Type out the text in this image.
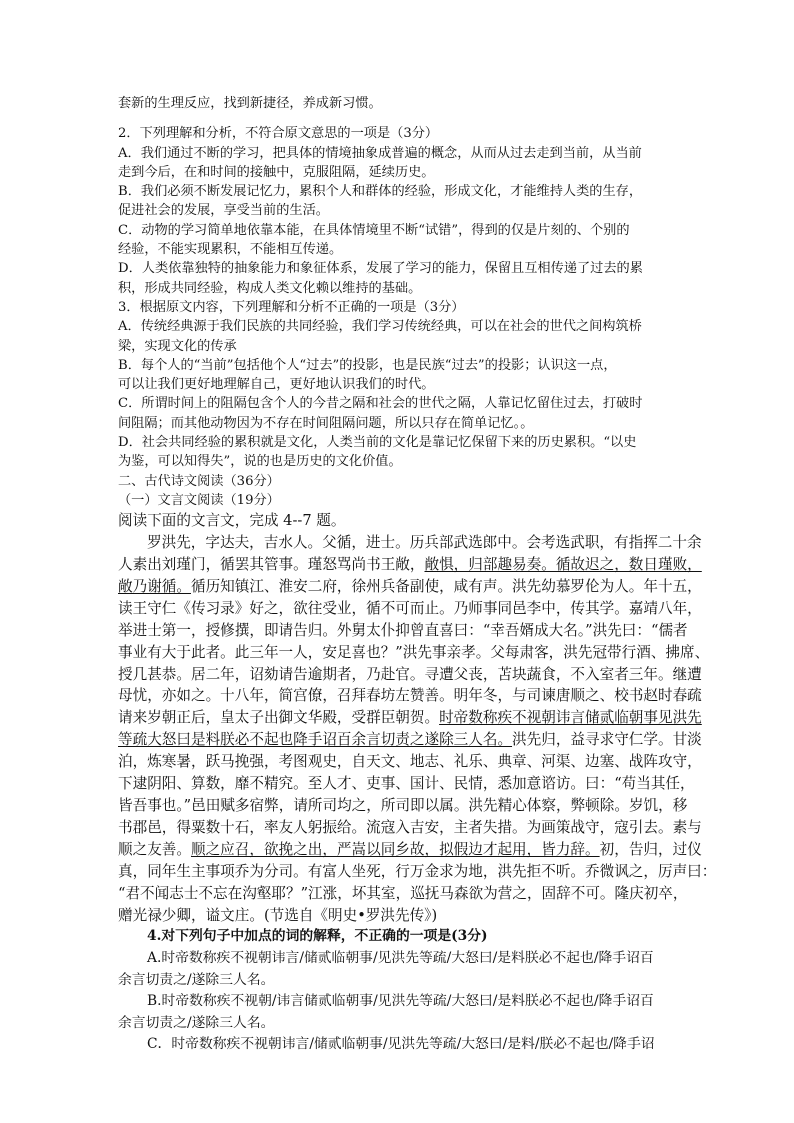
套新的生理反应，找到新捷径，养成新习惯。

2．下列理解和分析，不符合原文意思的一项是（3分）

A．我们通过不断的学习，把具体的情境抽象成普遍的概念，从而从过去走到当前，从当前

走到今后，在和时间的接触中，克服阻隔，延续历史。

B．我们必须不断发展记忆力，累积个人和群体的经验，形成文化，才能维持人类的生存，

促进社会的发展，享受当前的生活。

C．动物的学习简单地依靠本能，在具体情境里不断“试错”，得到的仅是片刻的、个别的

经验，不能实现累积，不能相互传递。

D．人类依靠独特的抽象能力和象征体系，发展了学习的能力，保留且互相传递了过去的累

积，形成共同经验，构成人类文化赖以维持的基础。

3．根据原文内容，下列理解和分析不正确的一项是（3分）

A．传统经典源于我们民族的共同经验，我们学习传统经典，可以在社会的世代之间构筑桥

梁，实现文化的传承

B．每个人的“当前”包括他个人“过去”的投影，也是民族“过去”的投影；认识这一点，

可以让我们更好地理解自己，更好地认识我们的时代。

C．所谓时间上的阻隔包含个人的今昔之隔和社会的世代之隔，人靠记忆留住过去，打破时

间阻隔；而其他动物因为不存在时间阻隔问题，所以只存在简单记忆。。

D．社会共同经验的累积就是文化，人类当前的文化是靠记忆保留下来的历史累积。“以史

为鉴，可以知得失”，说的也是历史的文化价值。

二、古代诗文阅读（36分）

（一）文言文阅读（19分）

阅读下面的文言文，完成 4--7 题。

罗洪先，字达夫，吉水人。父循，进士。历兵部武选郎中。会考选武职，有指挥二十余

人素出刘瑾门，循罢其管事。瑾怒骂尚书王敞，敞惧，归部趣易奏。循故迟之，数日瑾败，

敞乃谢循。循历知镇江、淮安二府，徐州兵备副使，咸有声。洪先幼慕罗伦为人。年十五，

读王守仁《传习录》好之，欲往受业，循不可而止。乃师事同邑李中，传其学。嘉靖八年，

举进士第一，授修撰，即请告归。外舅太仆抑曾直喜曰：“幸吾婿成大名。”洪先曰：“儒者

事业有大于此者。此三年一人，安足喜也？”洪先事亲孝。父每肃客，洪先冠带行酒、拂席、

授几甚恭。居二年，诏劾请告逾期者，乃赴官。寻遭父丧，苫块蔬食，不入室者三年。继遭

母忧，亦如之。十八年，简宫僚，召拜春坊左赞善。明年冬，与司谏唐顺之、校书赵时春疏

请来岁朝正后，皇太子出御文华殿，受群臣朝贺。时帝数称疾不视朝讳言储贰临朝事见洪先

等疏大怒曰是料朕必不起也降手诏百余言切责之遂除三人名。洪先归，益寻求守仁学。甘淡

泊，炼寒暑，跃马挽强，考图观史，自天文、地志、礼乐、典章、河渠、边塞、战阵攻守，

下逮阴阳、算数，靡不精究。至人才、吏事、国计、民情，悉加意谘访。曰：“苟当其任，

皆吾事也。”邑田赋多宿弊，请所司均之，所司即以属。洪先精心体察，弊顿除。岁饥，移

书郡邑，得粟数十石，率友人躬振给。流寇入吉安，主者失措。为画策战守，寇引去。素与

顺之友善。顺之应召，欲挽之出，严嵩以同乡故，拟假边才起用，皆力辞。初，告归，过仪

真，同年生主事项乔为分司。有富人坐死，行万金求为地，洪先拒不听。乔微讽之，厉声曰：

“君不闻志士不忘在沟壑耶？”江涨，坏其室，巡抚马森欲为营之，固辞不可。隆庆初卒，

赠光禄少卿，谥文庄。(节选自《明史•罗洪先传》)

4.对下列句子中加点的词的解释，不正确的一项是(3分)

A.时帝数称疾不视朝讳言/储贰临朝事/见洪先等疏/大怒曰/是料朕必不起也/降手诏百

余言切责之/遂除三人名。

B.时帝数称疾不视朝/讳言储贰临朝事/见洪先等疏/大怒曰/是料朕必不起也/降手诏百

余言切责之/遂除三人名。

C．时帝数称疾不视朝讳言/储贰临朝事/见洪先等疏/大怒曰/是料/朕必不起也/降手诏
